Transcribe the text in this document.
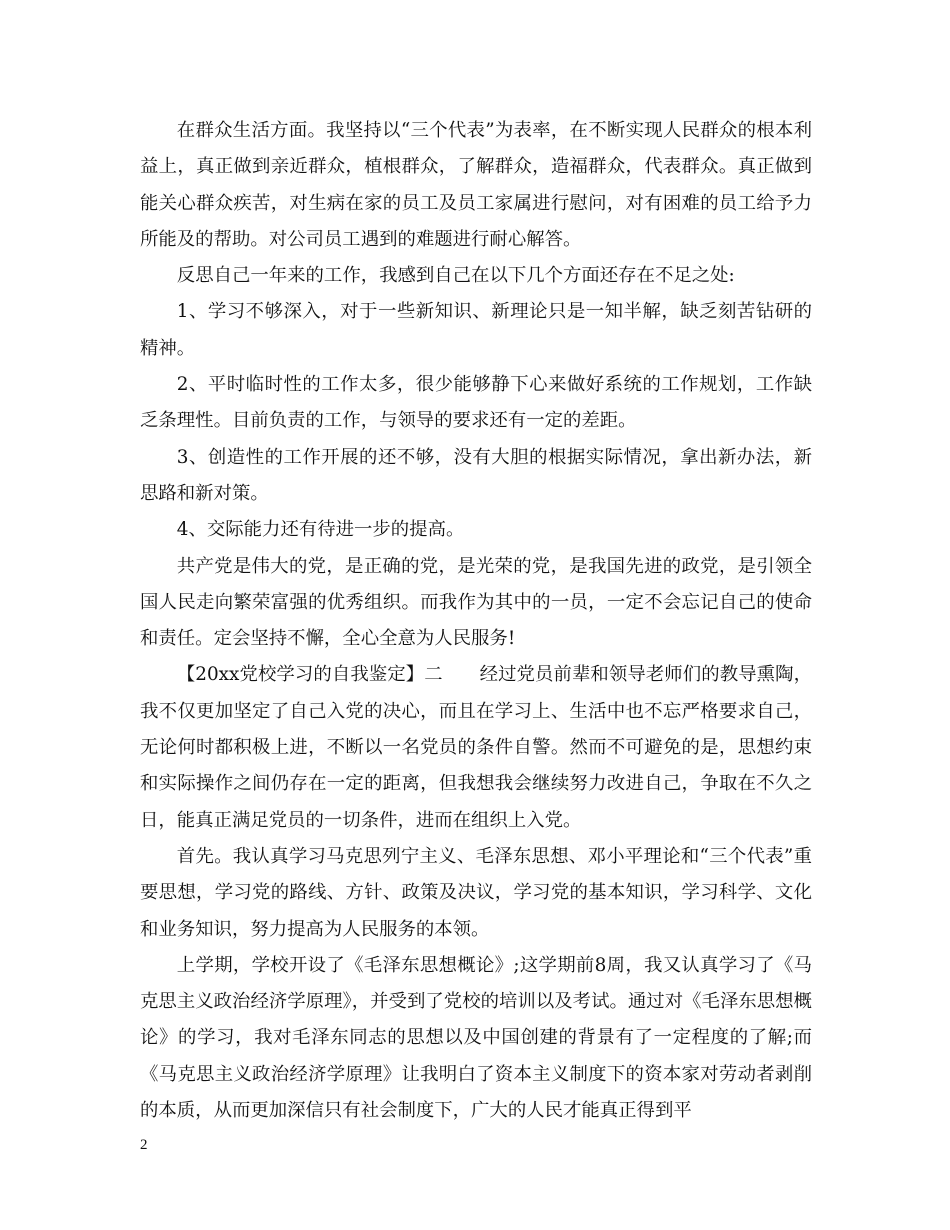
在群众生活方面。我坚持以“三个代表”为表率，在不断实现人民群众的根本利益上，真正做到亲近群众，植根群众，了解群众，造福群众，代表群众。真正做到能关心群众疾苦，对生病在家的员工及员工家属进行慰问，对有困难的员工给予力所能及的帮助。对公司员工遇到的难题进行耐心解答。

反思自己一年来的工作，我感到自己在以下几个方面还存在不足之处:

1、学习不够深入，对于一些新知识、新理论只是一知半解，缺乏刻苦钻研的精神。

2、平时临时性的工作太多，很少能够静下心来做好系统的工作规划，工作缺乏条理性。目前负责的工作，与领导的要求还有一定的差距。

3、创造性的工作开展的还不够，没有大胆的根据实际情况，拿出新办法，新思路和新对策。

4、交际能力还有待进一步的提高。

共产党是伟大的党，是正确的党，是光荣的党，是我国先进的政党，是引领全国人民走向繁荣富强的优秀组织。而我作为其中的一员，一定不会忘记自己的使命和责任。定会坚持不懈，全心全意为人民服务!

【20xx党校学习的自我鉴定】二　　经过党员前辈和领导老师们的教导熏陶，我不仅更加坚定了自己入党的决心，而且在学习上、生活中也不忘严格要求自己，无论何时都积极上进，不断以一名党员的条件自警。然而不可避免的是，思想约束和实际操作之间仍存在一定的距离，但我想我会继续努力改进自己，争取在不久之日，能真正满足党员的一切条件，进而在组织上入党。

首先。我认真学习马克思列宁主义、毛泽东思想、邓小平理论和“三个代表”重要思想，学习党的路线、方针、政策及决议，学习党的基本知识，学习科学、文化和业务知识，努力提高为人民服务的本领。

上学期，学校开设了《毛泽东思想概论》;这学期前8周，我又认真学习了《马克思主义政治经济学原理》，并受到了党校的培训以及考试。通过对《毛泽东思想概论》的学习，我对毛泽东同志的思想以及中国创建的背景有了一定程度的了解;而《马克思主义政治经济学原理》让我明白了资本主义制度下的资本家对劳动者剥削的本质，从而更加深信只有社会制度下，广大的人民才能真正得到平

2
